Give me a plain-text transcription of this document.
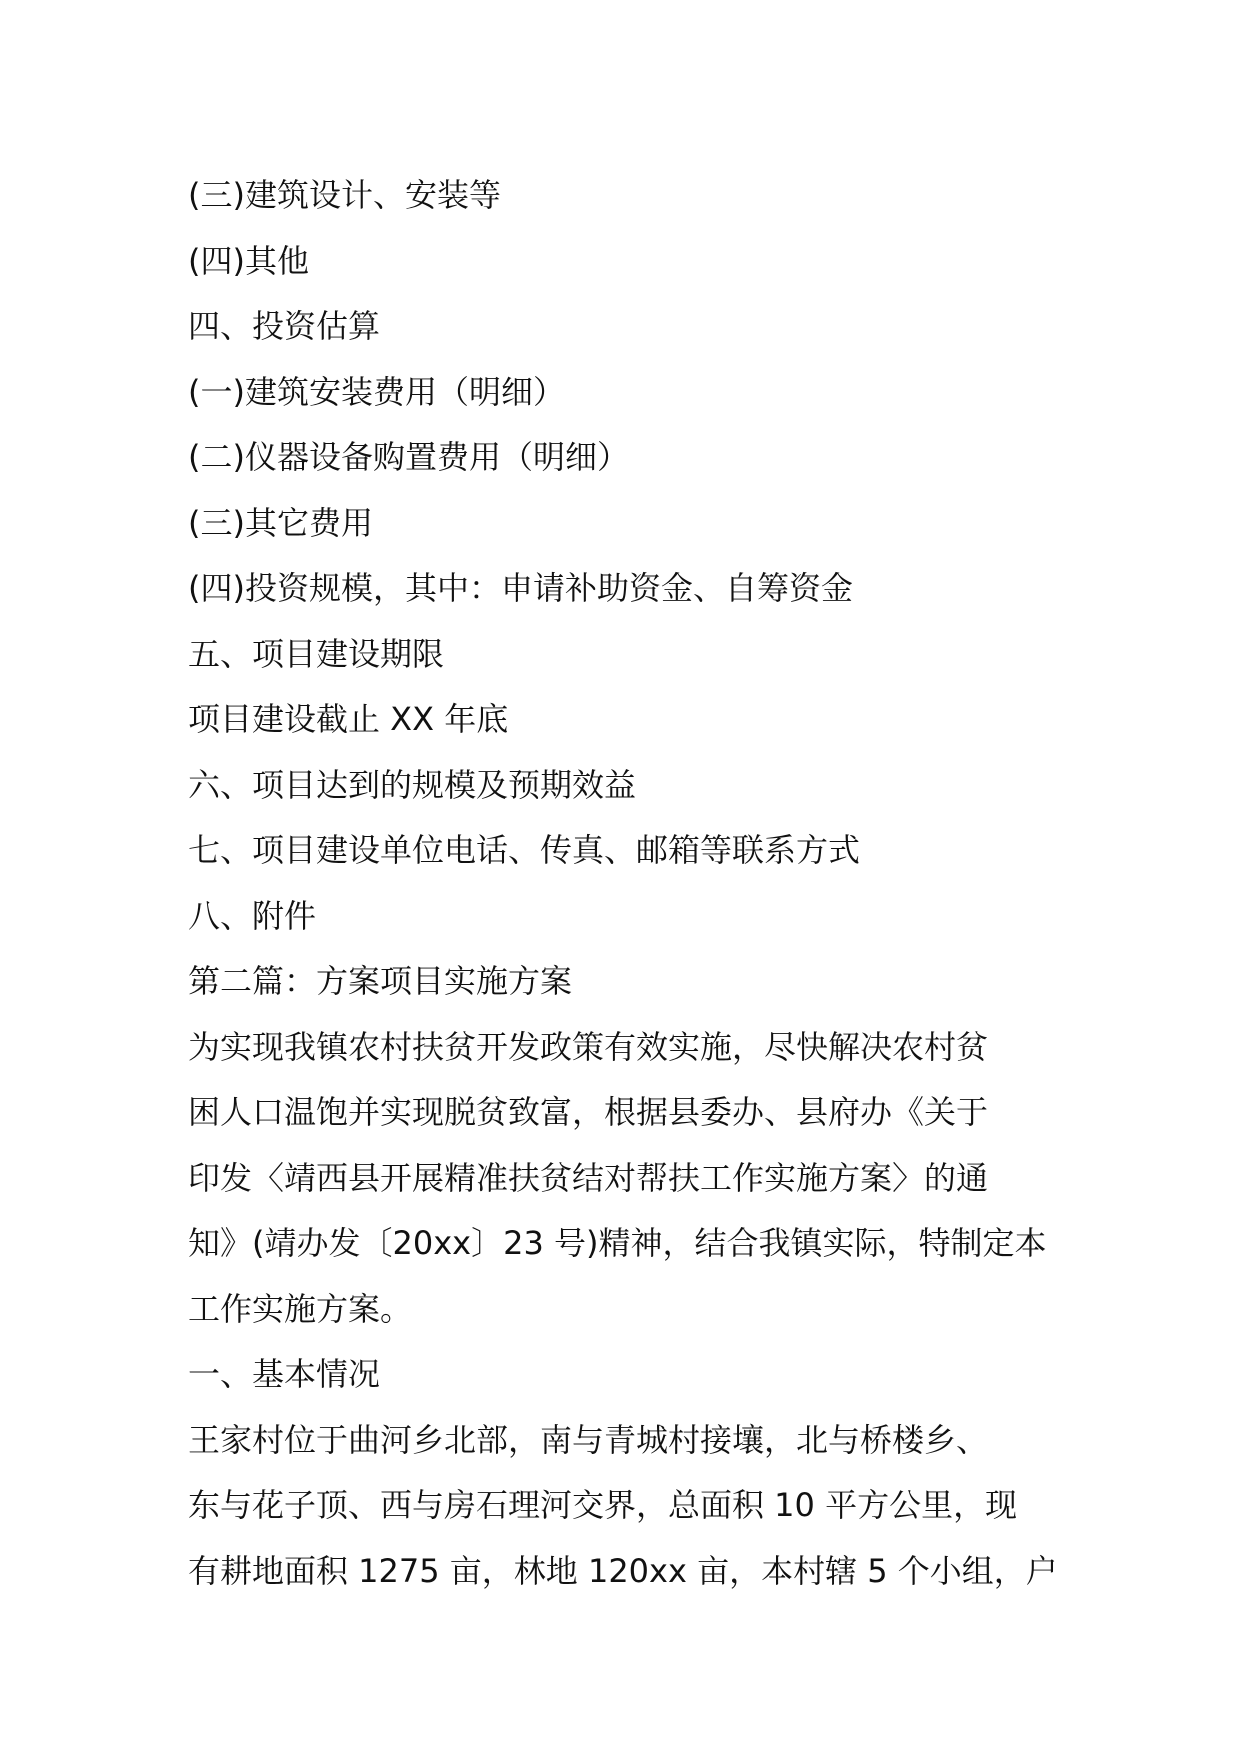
(三)建筑设计、安装等
(四)其他
四、投资估算
(一)建筑安装费用（明细）
(二)仪器设备购置费用（明细）
(三)其它费用
(四)投资规模，其中：申请补助资金、自筹资金
五、项目建设期限
项目建设截止 XX 年底
六、项目达到的规模及预期效益
七、项目建设单位电话、传真、邮箱等联系方式
八、附件
第二篇：方案项目实施方案
为实现我镇农村扶贫开发政策有效实施，尽快解决农村贫
困人口温饱并实现脱贫致富，根据县委办、县府办《关于
印发〈靖西县开展精准扶贫结对帮扶工作实施方案〉的通
知》(靖办发〔20xx〕23 号)精神，结合我镇实际，特制定本
工作实施方案。
一、基本情况
王家村位于曲河乡北部，南与青城村接壤，北与桥楼乡、
东与花子顶、西与房石理河交界，总面积 10 平方公里，现
有耕地面积 1275 亩，林地 120xx 亩，本村辖 5 个小组，户
